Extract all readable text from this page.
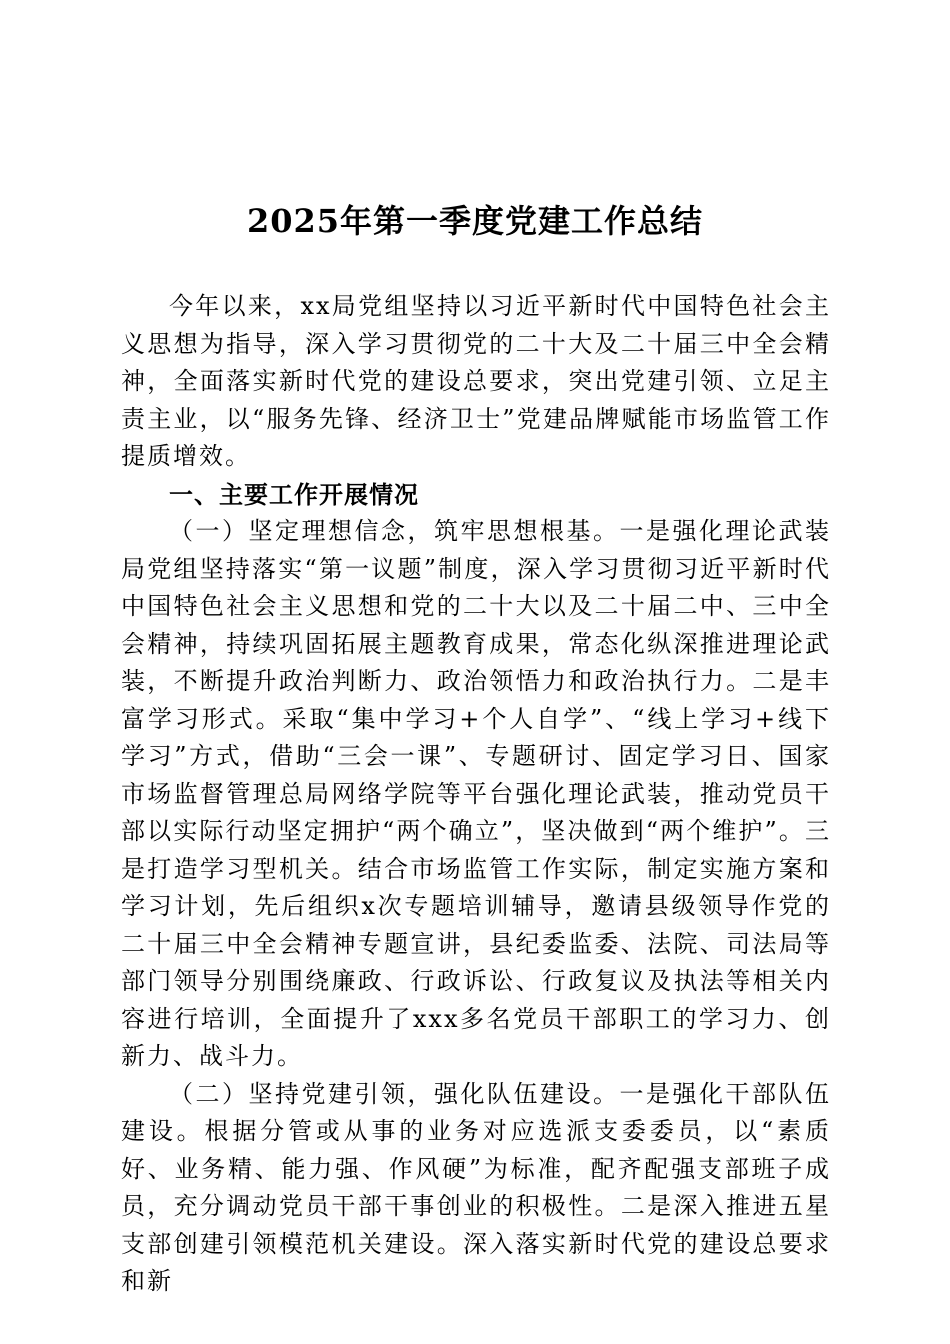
2025年第一季度党建工作总结

今年以来，xx局党组坚持以习近平新时代中国特色社会主义思想为指导，深入学习贯彻党的二十大及二十届三中全会精神，全面落实新时代党的建设总要求，突出党建引领、立足主责主业，以“服务先锋、经济卫士”党建品牌赋能市场监管工作提质增效。

一、主要工作开展情况

（一）坚定理想信念，筑牢思想根基。一是强化理论武装局党组坚持落实“第一议题”制度，深入学习贯彻习近平新时代中国特色社会主义思想和党的二十大以及二十届二中、三中全会精神，持续巩固拓展主题教育成果，常态化纵深推进理论武装，不断提升政治判断力、政治领悟力和政治执行力。二是丰富学习形式。采取“集中学习+个人自学”、“线上学习+线下学习”方式，借助“三会一课”、专题研讨、固定学习日、国家市场监督管理总局网络学院等平台强化理论武装，推动党员干部以实际行动坚定拥护“两个确立”，坚决做到“两个维护”。三是打造学习型机关。结合市场监管工作实际，制定实施方案和学习计划，先后组织x次专题培训辅导，邀请县级领导作党的二十届三中全会精神专题宣讲，县纪委监委、法院、司法局等部门领导分别围绕廉政、行政诉讼、行政复议及执法等相关内容进行培训，全面提升了xxx多名党员干部职工的学习力、创新力、战斗力。

（二）坚持党建引领，强化队伍建设。一是强化干部队伍建设。根据分管或从事的业务对应选派支委委员，以“素质好、业务精、能力强、作风硬”为标准，配齐配强支部班子成员，充分调动党员干部干事创业的积极性。二是深入推进五星支部创建引领模范机关建设。深入落实新时代党的建设总要求和新
